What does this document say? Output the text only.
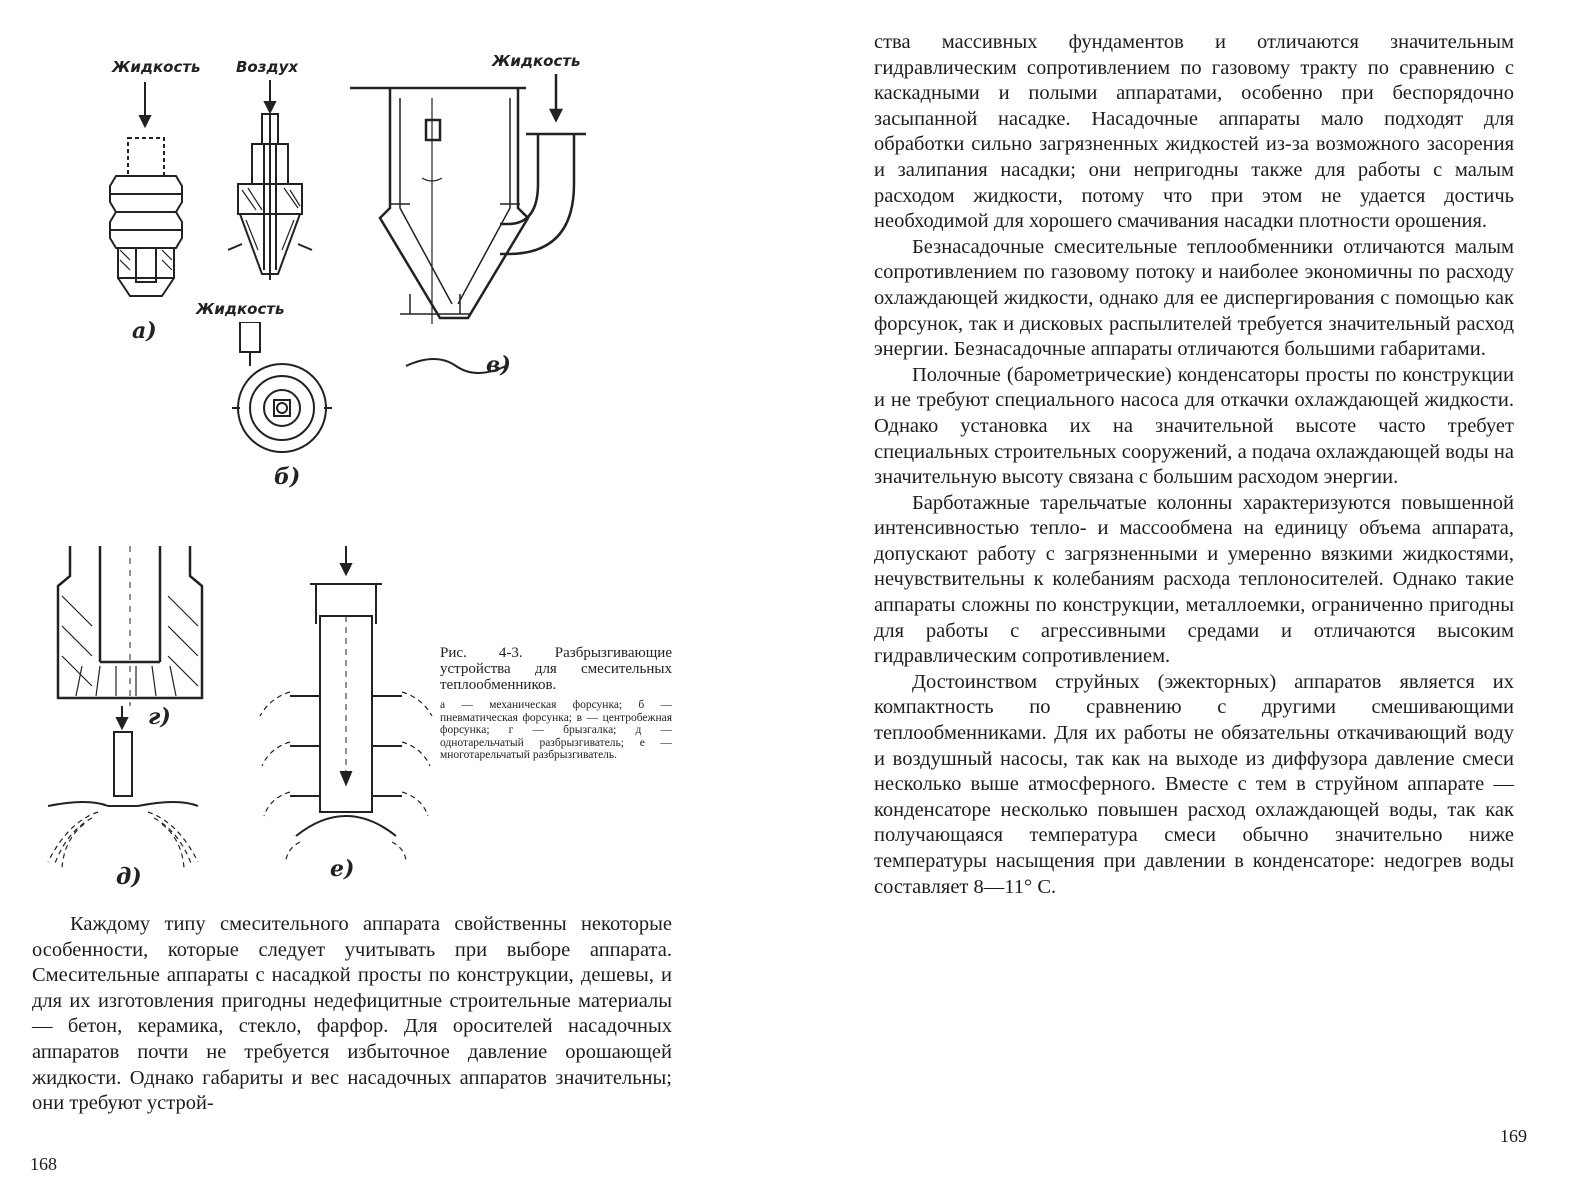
Жидкость
а)
Воздух
Жидкость
б)
Жидкость
в)
г)
д)	е)

Рис. 4-3. Разбрызгивающие устройства для смесительных теплообменников.

а — механическая форсунка; б — пневматическая форсунка; в — центробежная форсунка; г — брызгалка; д — однотарельчатый разбрызгиватель; е — многотарельчатый разбрызгиватель.

Каждому типу смесительного аппарата свойственны некоторые особенности, которые следует учитывать при выборе аппарата. Смесительные аппараты с насадкой просты по конструкции, дешевы, и для их изготовления пригодны недефицитные строительные материалы — бетон, керамика, стекло, фарфор. Для оросителей насадочных аппаратов почти не требуется избыточное давление орошающей жидкости. Однако габариты и вес насадочных аппаратов значительны; они требуют устрой-

168

ства массивных фундаментов и отличаются значительным гидравлическим сопротивлением по газовому тракту по сравнению с каскадными и полыми аппаратами, особенно при беспорядочно засыпанной насадке. Насадочные аппараты мало подходят для обработки сильно загрязненных жидкостей из-за возможного засорения и залипания насадки; они непригодны также для работы с малым расходом жидкости, потому что при этом не удается достичь необходимой для хорошего смачивания насадки плотности орошения.

Безнасадочные смесительные теплообменники отличаются малым сопротивлением по газовому потоку и наиболее экономичны по расходу охлаждающей жидкости, однако для ее диспергирования с помощью как форсунок, так и дисковых распылителей требуется значительный расход энергии. Безнасадочные аппараты отличаются большими габаритами.

Полочные (барометрические) конденсаторы просты по конструкции и не требуют специального насоса для откачки охлаждающей жидкости. Однако установка их на значительной высоте часто требует специальных строительных сооружений, а подача охлаждающей воды на значительную высоту связана с большим расходом энергии.

Барботажные тарельчатые колонны характеризуются повышенной интенсивностью тепло- и массообмена на единицу объема аппарата, допускают работу с загрязненными и умеренно вязкими жидкостями, нечувствительны к колебаниям расхода теплоносителей. Однако такие аппараты сложны по конструкции, металлоемки, ограниченно пригодны для работы с агрессивными средами и отличаются высоким гидравлическим сопротивлением.

Достоинством струйных (эжекторных) аппаратов является их компактность по сравнению с другими смешивающими теплообменниками. Для их работы не обязательны откачивающий воду и воздушный насосы, так как на выходе из диффузора давление смеси несколько выше атмосферного. Вместе с тем в струйном аппарате — конденсаторе несколько повышен расход охлаждающей воды, так как получающаяся температура смеси обычно значительно ниже температуры насыщения при давлении в конденсаторе: недогрев воды составляет 8—11° С.

169
